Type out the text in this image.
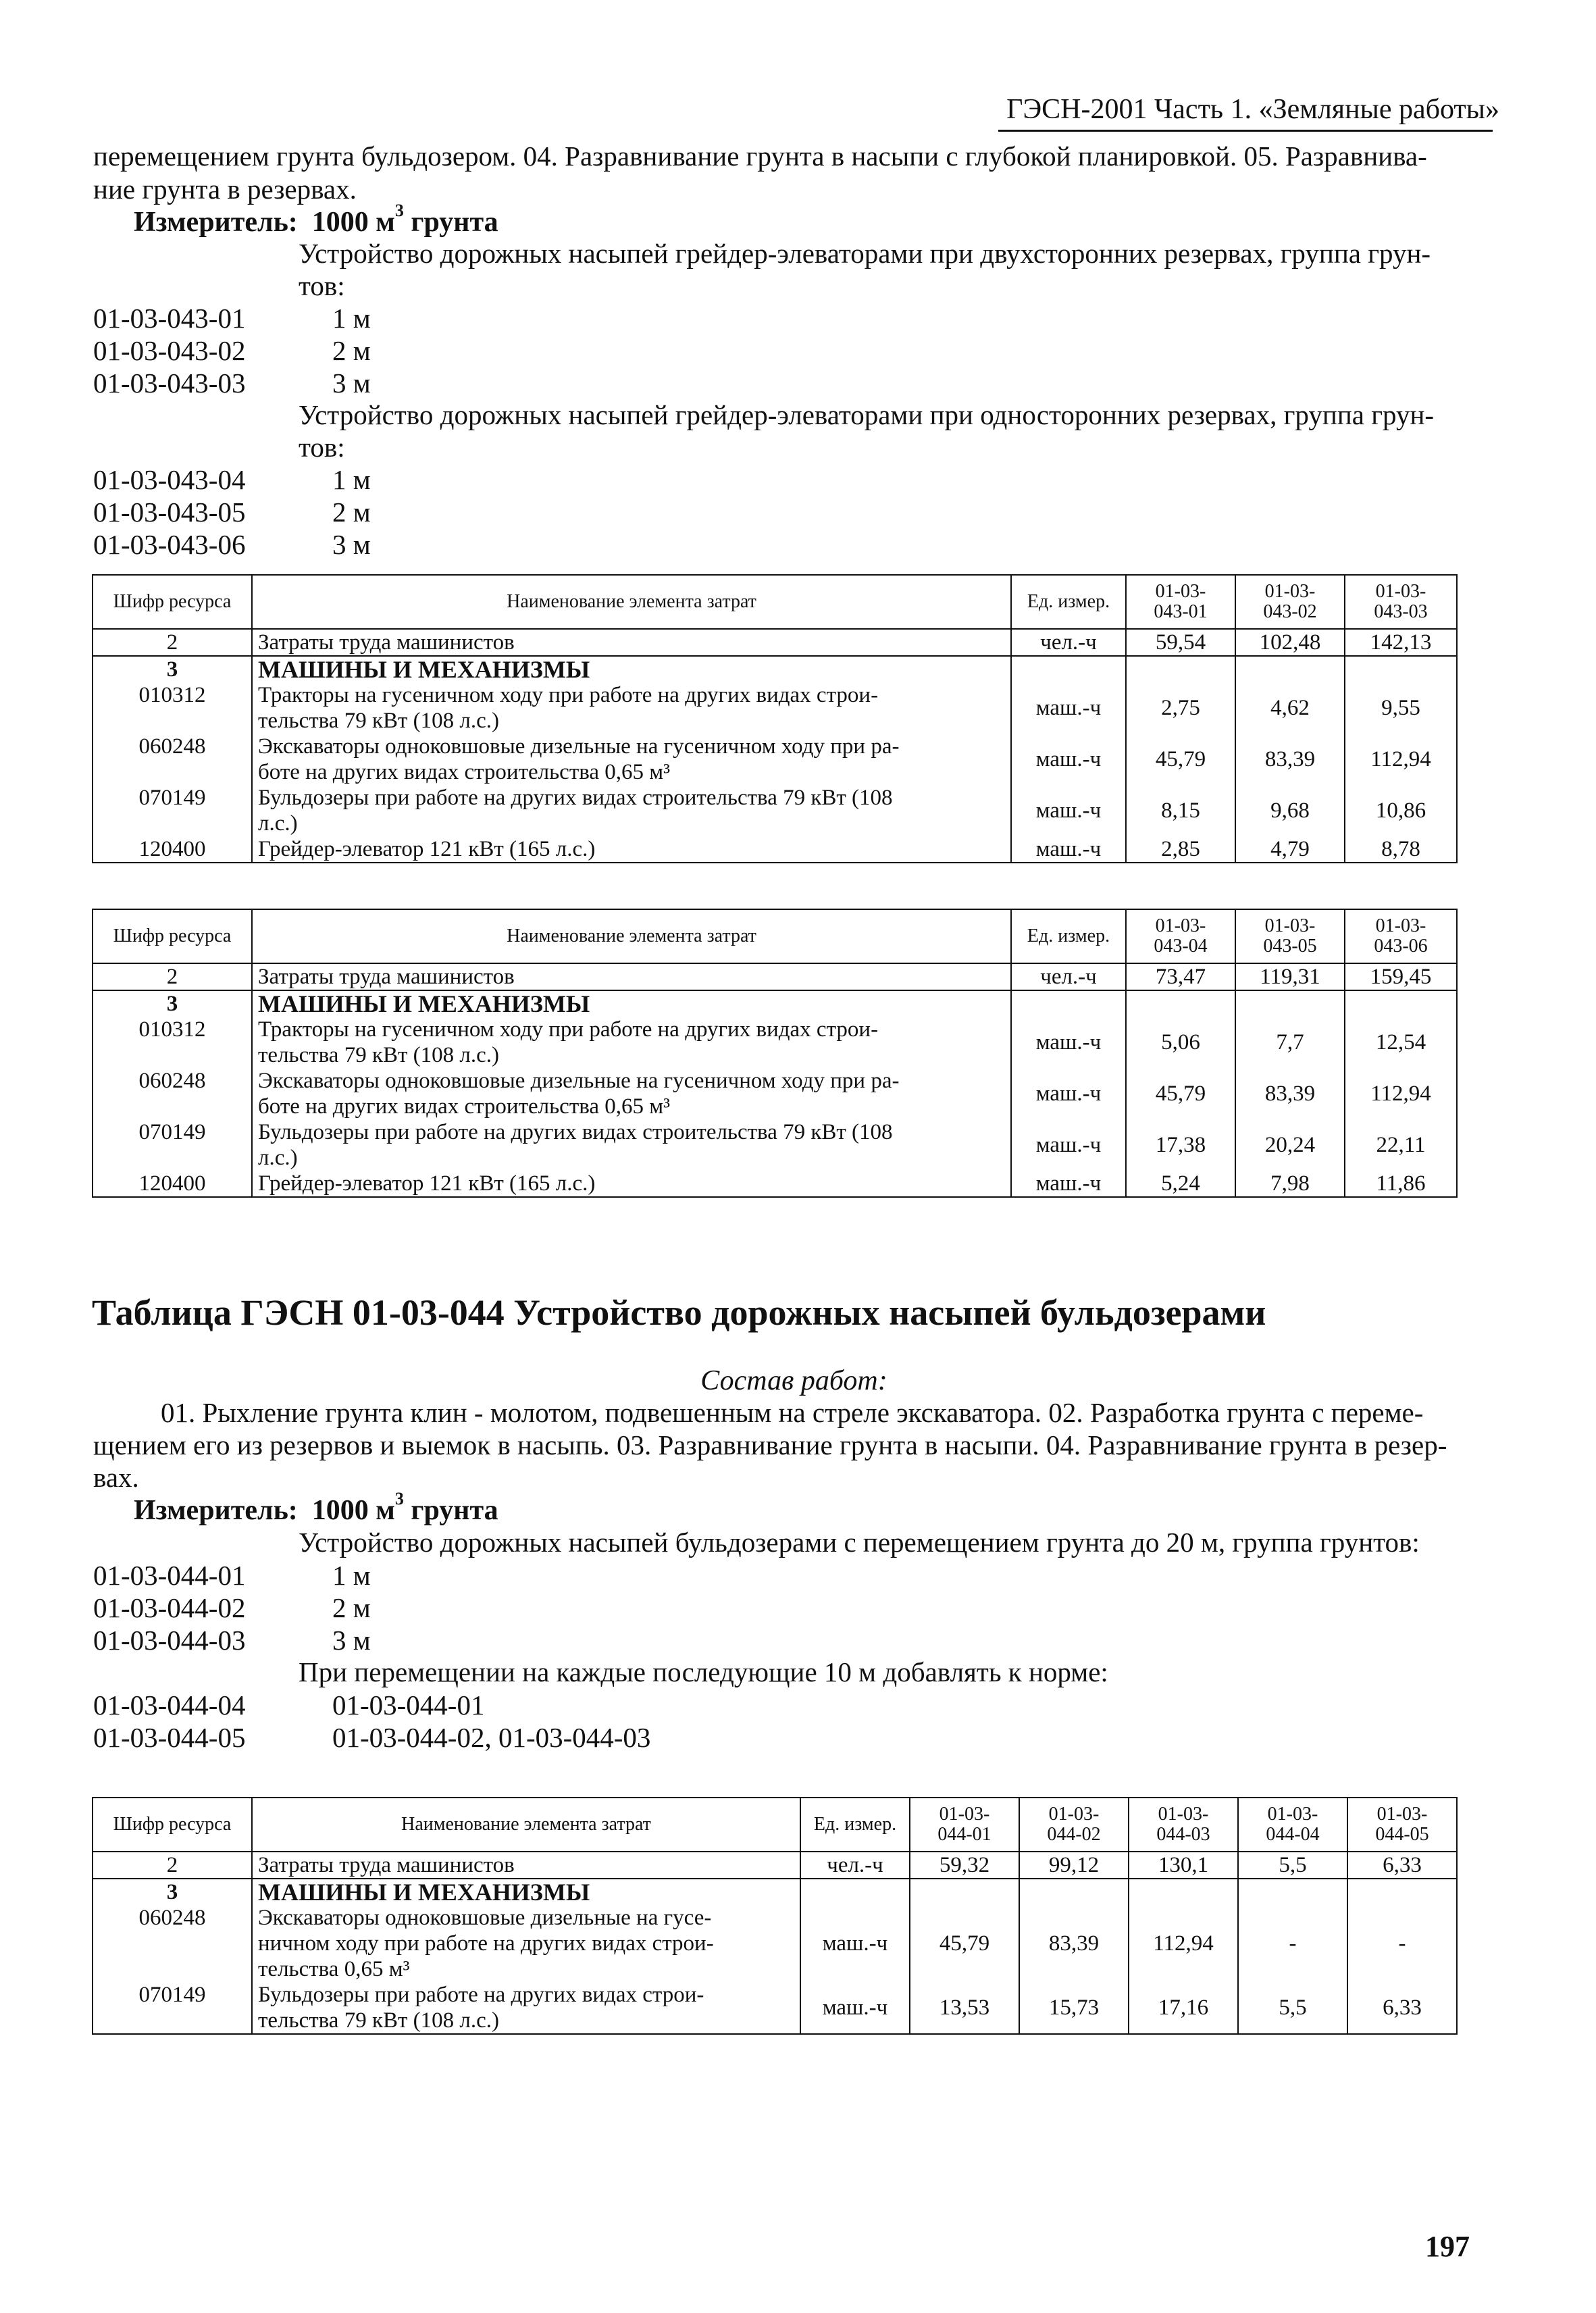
ГЭСН-2001 Часть 1. «Земляные работы»
перемещением грунта бульдозером. 04. Разравнивание грунта в насыпи с глубокой планировкой. 05. Разравнива-
ние грунта в резервах.
Измеритель: 1000 $м^3$ грунта
Устройство дорожных насыпей грейдер-элеваторами при двухсторонних резервах, группа грун-
тов:
01-03-043-01	1 м
01-03-043-02	2 м
01-03-043-03	3 м
Устройство дорожных насыпей грейдер-элеваторами при односторонних резервах, группа грун-
тов:
01-03-043-04	1 м
01-03-043-05	2 м
01-03-043-06	3 м
Шифр ресурса	Наименование элемента затрат	Ед. измер.	01-03-
043-01	01-03-
043-02	01-03-
043-03
2	Затраты труда машинистов	чел.-ч	59,54	102,48	142,13
3	МАШИНЫ И МЕХАНИЗМЫ				

010312	Тракторы на гусеничном ходу при работе на других видах строи-
тельства 79 кВт (108 л.с.)	маш.-ч	2,75	4,62	9,55
060248	Экскаваторы одноковшовые дизельные на гусеничном ходу при ра-
боте на других видах строительства 0,65 м³	маш.-ч	45,79	83,39	112,94
070149	Бульдозеры при работе на других видах строительства 79 кВт (108
л.с.)	маш.-ч	8,15	9,68	10,86
120400	Грейдер-элеватор 121 кВт (165 л.с.)	маш.-ч	2,85	4,79	8,78
Шифр ресурса	Наименование элемента затрат	Ед. измер.	01-03-
043-04	01-03-
043-05	01-03-
043-06
2	Затраты труда машинистов	чел.-ч	73,47	119,31	159,45
3	МАШИНЫ И МЕХАНИЗМЫ				

010312	Тракторы на гусеничном ходу при работе на других видах строи-
тельства 79 кВт (108 л.с.)	маш.-ч	5,06	7,7	12,54
060248	Экскаваторы одноковшовые дизельные на гусеничном ходу при ра-
боте на других видах строительства 0,65 м³	маш.-ч	45,79	83,39	112,94
070149	Бульдозеры при работе на других видах строительства 79 кВт (108
л.с.)	маш.-ч	17,38	20,24	22,11
120400	Грейдер-элеватор 121 кВт (165 л.с.)	маш.-ч	5,24	7,98	11,86
Таблица ГЭСН 01-03-044 Устройство дорожных насыпей бульдозерами
Состав работ:
01. Рыхление грунта клин - молотом, подвешенным на стреле экскаватора. 02. Разработка грунта с переме-
щением его из резервов и выемок в насыпь. 03. Разравнивание грунта в насыпи. 04. Разравнивание грунта в резер-
вах.
Измеритель: 1000 $м^3$ грунта
Устройство дорожных насыпей бульдозерами с перемещением грунта до 20 м, группа грунтов:
01-03-044-01	1 м
01-03-044-02	2 м
01-03-044-03	3 м
При перемещении на каждые последующие 10 м добавлять к норме:
01-03-044-04	01-03-044-01
01-03-044-05	01-03-044-02, 01-03-044-03
Шифр ресурса	Наименование элемента затрат	Ед. измер.	01-03-
044-01	01-03-
044-02	01-03-
044-03	01-03-
044-04	01-03-
044-05
2	Затраты труда машинистов	чел.-ч	59,32	99,12	130,1	5,5	6,33
3	МАШИНЫ И МЕХАНИЗМЫ						

060248	Экскаваторы одноковшовые дизельные на гусе-
ничном ходу при работе на других видах строи-
тельства 0,65 м³	маш.-ч	45,79	83,39	112,94	-	-
070149	Бульдозеры при работе на других видах строи-
тельства 79 кВт (108 л.с.)	маш.-ч	13,53	15,73	17,16	5,5	6,33
197
